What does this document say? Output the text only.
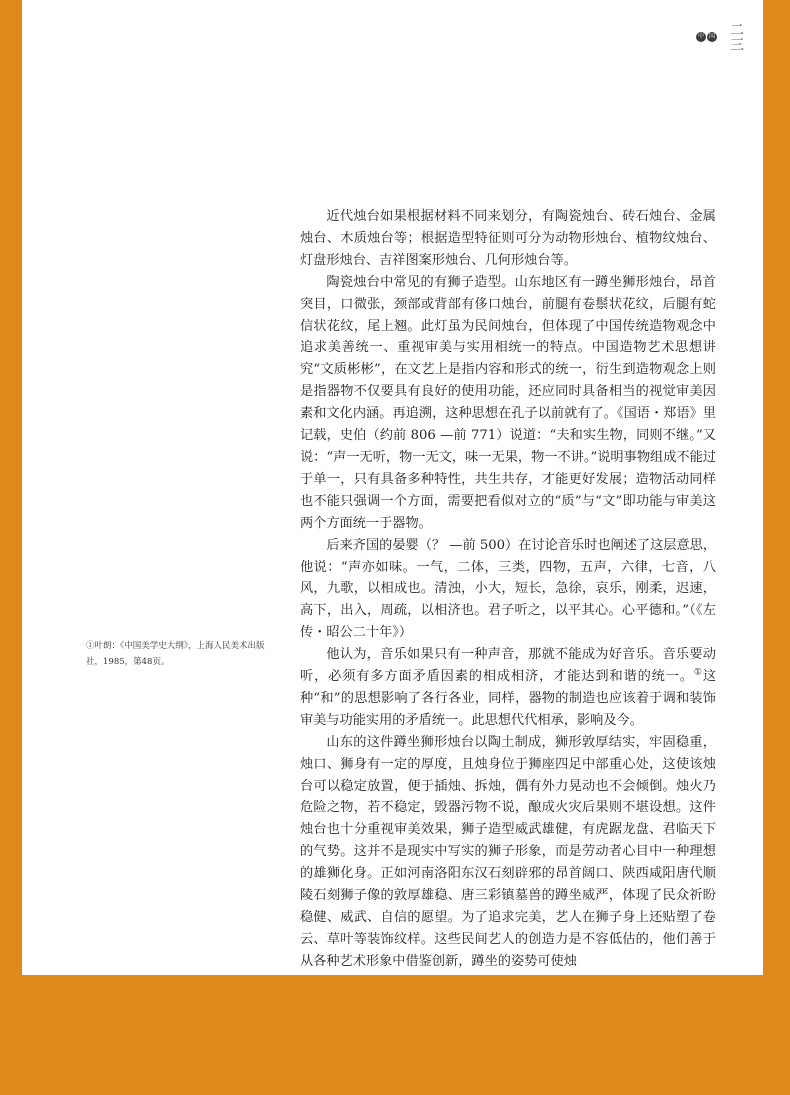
中 国 二三
①叶朗：《中国美学史大纲》，上海人民美术出版社，1985，第48页。

近代烛台如果根据材料不同来划分，有陶瓷烛台、砖石烛台、金属烛台、木质烛台等；根据造型特征则可分为动物形烛台、植物纹烛台、灯盘形烛台、吉祥图案形烛台、几何形烛台等。

陶瓷烛台中常见的有狮子造型。山东地区有一蹲坐狮形烛台，昂首突目，口微张，颈部或背部有侈口烛台，前腿有卷鬃状花纹，后腿有蛇信状花纹，尾上翘。此灯虽为民间烛台，但体现了中国传统造物观念中追求美善统一、重视审美与实用相统一的特点。中国造物艺术思想讲究“文质彬彬”，在文艺上是指内容和形式的统一，衍生到造物观念上则是指器物不仅要具有良好的使用功能，还应同时具备相当的视觉审美因素和文化内涵。再追溯，这种思想在孔子以前就有了。《国语・郑语》里记载，史伯（约前 806 —前 771）说道：“夫和实生物，同则不继。”又说：“声一无听，物一无文，味一无果，物一不讲。”说明事物组成不能过于单一，只有具备多种特性，共生共存，才能更好发展；造物活动同样也不能只强调一个方面，需要把看似对立的“质”与“文”即功能与审美这两个方面统一于器物。

后来齐国的晏婴（？ —前 500）在讨论音乐时也阐述了这层意思，他说：“声亦如味。一气，二体，三类，四物，五声，六律，七音，八风，九歌，以相成也。清浊，小大，短长，急徐，哀乐，刚柔，迟速，高下，出入，周疏，以相济也。君子听之，以平其心。心平德和。”（《左传・昭公二十年》）

他认为，音乐如果只有一种声音，那就不能成为好音乐。音乐要动听，必须有多方面矛盾因素的相成相济，才能达到和谐的统一。①这种“和”的思想影响了各行各业，同样，器物的制造也应该着于调和装饰审美与功能实用的矛盾统一。此思想代代相承，影响及今。

山东的这件蹲坐狮形烛台以陶土制成，狮形敦厚结实，牢固稳重，烛口、狮身有一定的厚度，且烛身位于狮座四足中部重心处，这使该烛台可以稳定放置，便于插烛、拆烛，偶有外力晃动也不会倾倒。烛火乃危险之物，若不稳定，毁器污物不说，酿成火灾后果则不堪设想。这件烛台也十分重视审美效果，狮子造型威武雄健，有虎踞龙盘、君临天下的气势。这并不是现实中写实的狮子形象，而是劳动者心目中一种理想的雄狮化身。正如河南洛阳东汉石刻辟邪的昂首阔口、陕西咸阳唐代顺陵石刻狮子像的敦厚雄稳、唐三彩镇墓兽的蹲坐威严，体现了民众祈盼稳健、威武、自信的愿望。为了追求完美，艺人在狮子身上还贴塑了卷云、草叶等装饰纹样。这些民间艺人的创造力是不容低估的，他们善于从各种艺术形象中借鉴创新，蹲坐的姿势可使烛
